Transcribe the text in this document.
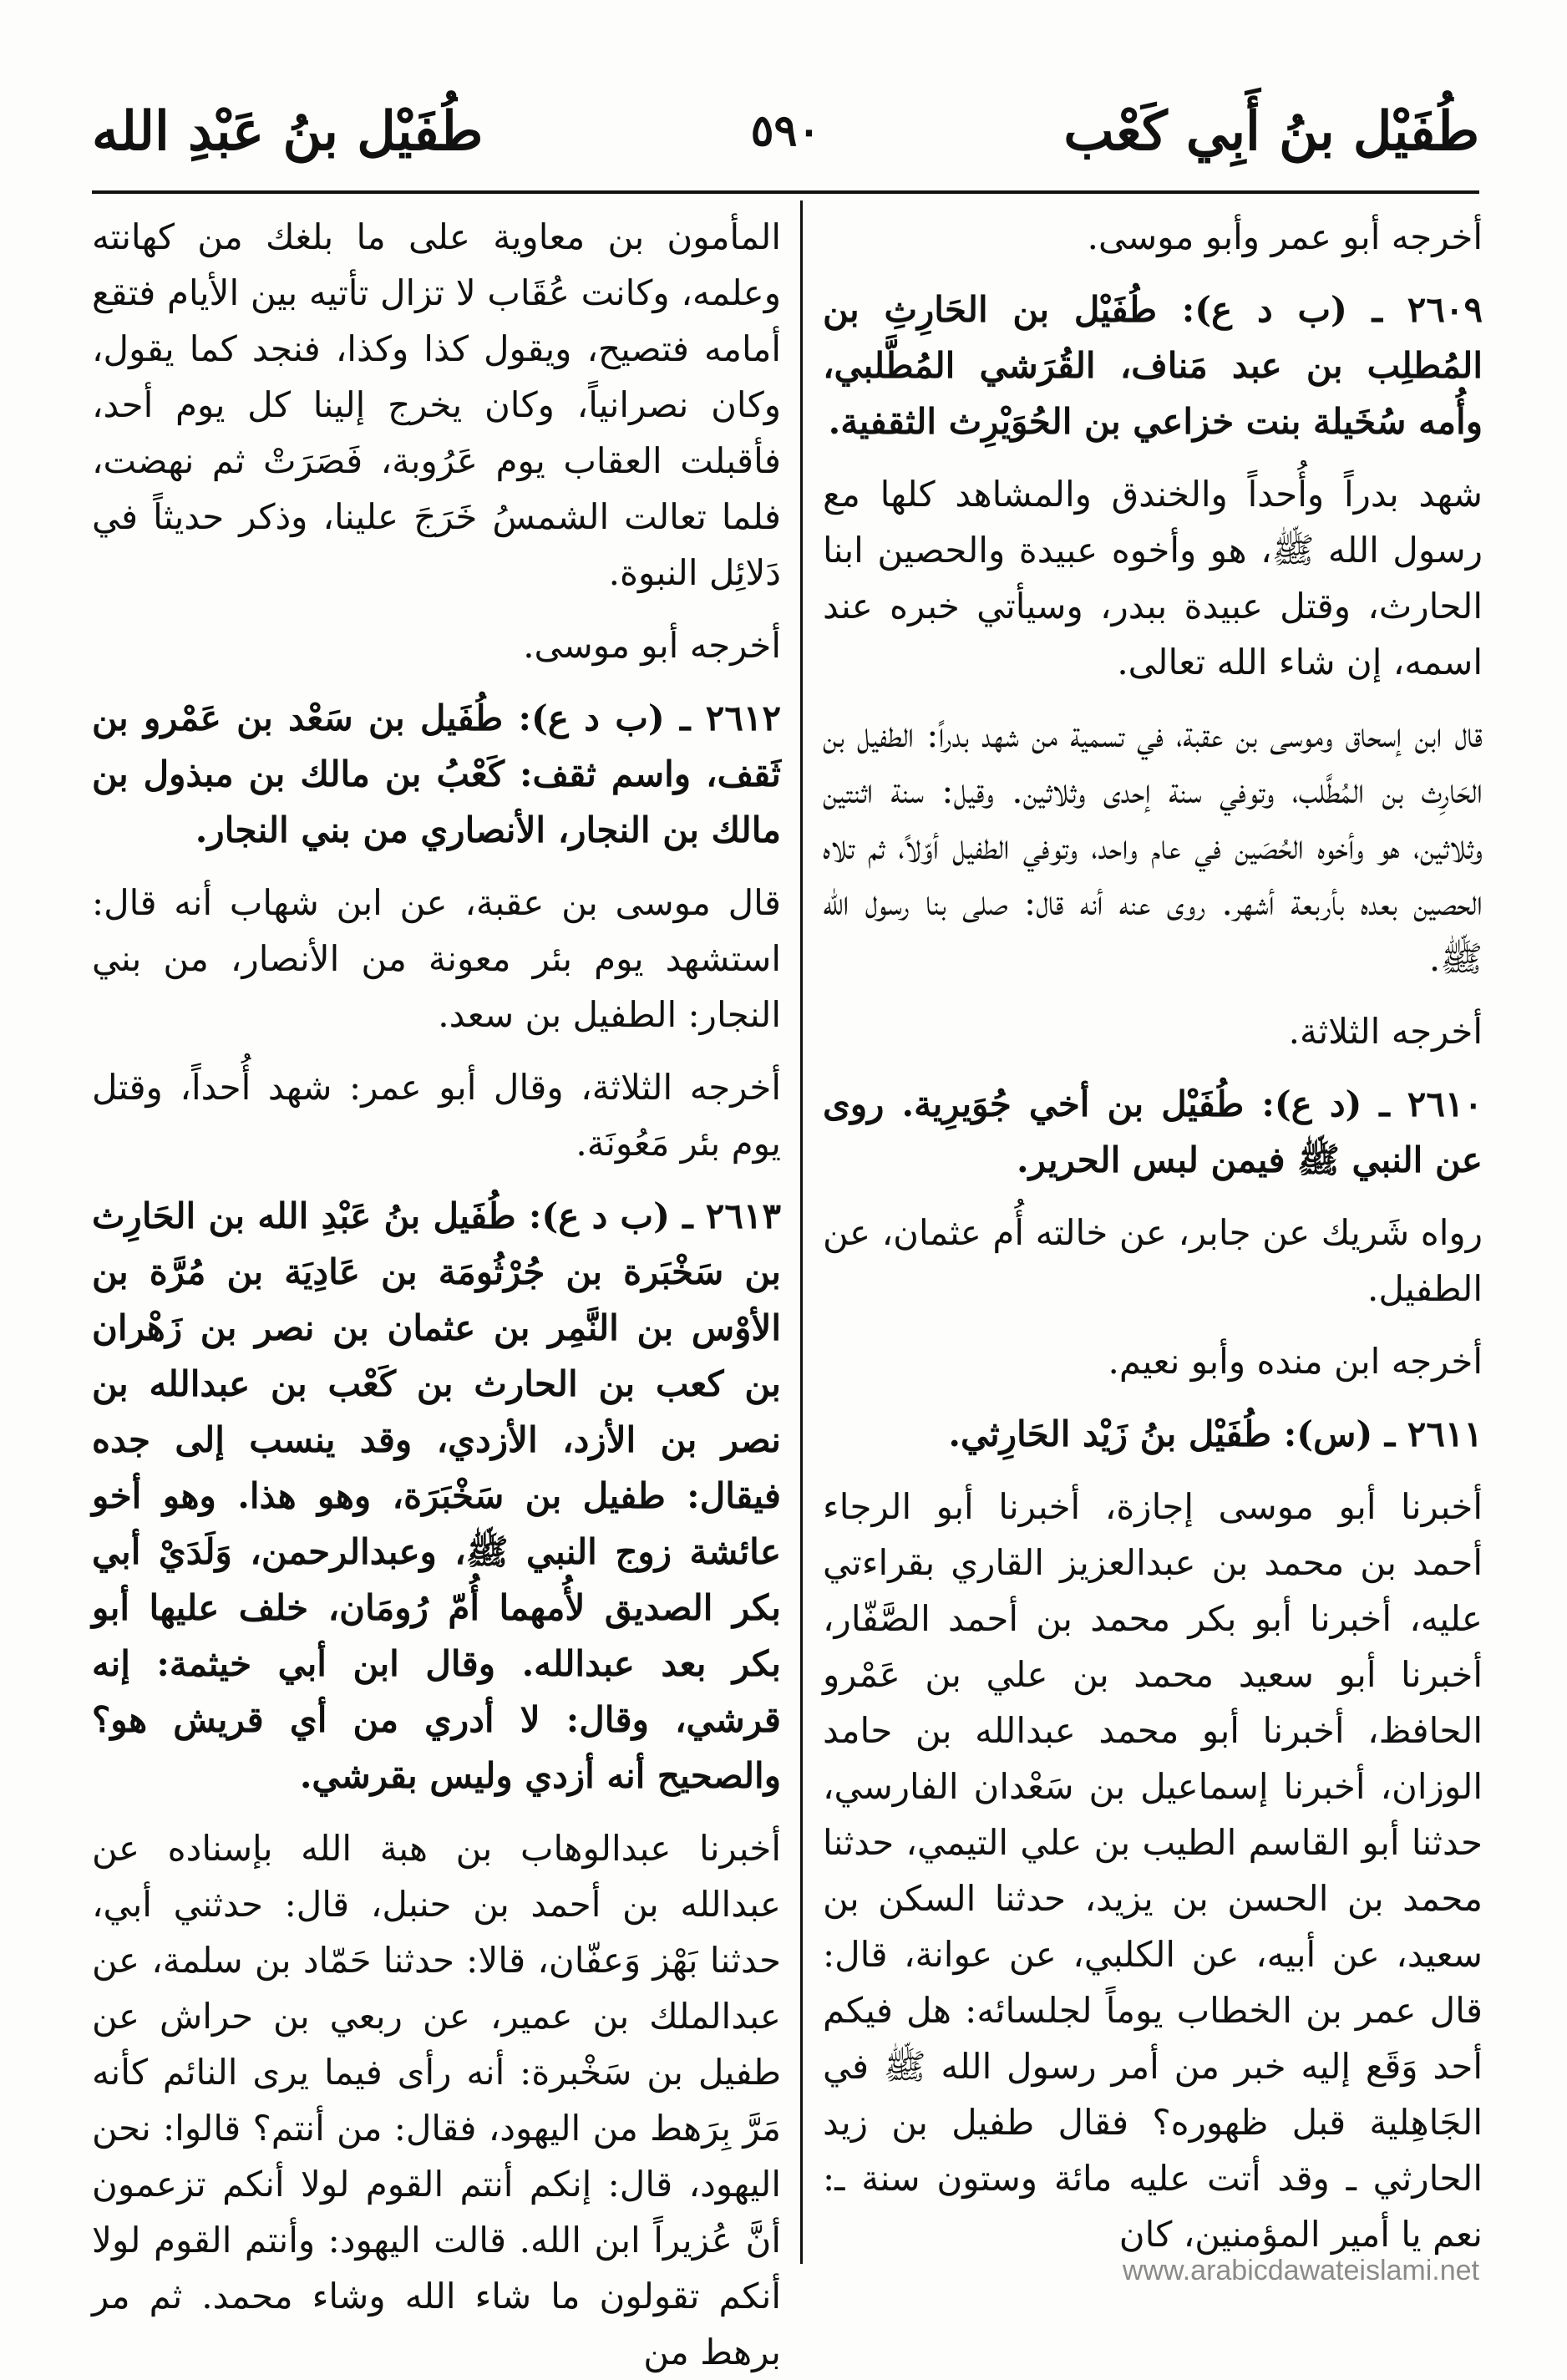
طُفَيْل بنُ أَبِي كَعْب
٥٩٠
طُفَيْل بنُ عَبْدِ الله

أخرجه أبو عمر وأبو موسى.

٢٦٠٩ ـ (ب د ع): طُفَيْل بن الحَارِثِ بن المُطلِب بن عبد مَناف، القُرَشي المُطَّلبي، وأُمه سُخَيلة بنت خزاعي بن الحُوَيْرِث الثقفية.

شهد بدراً وأُحداً والخندق والمشاهد كلها مع رسول الله ﷺ، هو وأخوه عبيدة والحصين ابنا الحارث، وقتل عبيدة ببدر، وسيأتي خبره عند اسمه، إن شاء الله تعالى.

قال ابن إسحاق وموسى بن عقبة، في تسمية من شهد بدراً: الطفيل بن الحَارِث بن المُطَّلب، وتوفي سنة إحدى وثلاثين. وقيل: سنة اثنتين وثلاثين، هو وأخوه الحُصَين في عام واحد، وتوفي الطفيل أوّلاً، ثم تلاه الحصين بعده بأربعة أشهر. روى عنه أنه قال: صلى بنا رسول الله ﷺ.

أخرجه الثلاثة.

٢٦١٠ ـ (د ع): طُفَيْل بن أخي جُوَيرِية. روى عن النبي ﷺ فيمن لبس الحرير.

رواه شَريك عن جابر، عن خالته أُم عثمان، عن الطفيل.

أخرجه ابن منده وأبو نعيم.

٢٦١١ ـ (س): طُفَيْل بنُ زَيْد الحَارِثي.

أخبرنا أبو موسى إجازة، أخبرنا أبو الرجاء أحمد بن محمد بن عبدالعزيز القاري بقراءتي عليه، أخبرنا أبو بكر محمد بن أحمد الصَّفّار، أخبرنا أبو سعيد محمد بن علي بن عَمْرو الحافظ، أخبرنا أبو محمد عبدالله بن حامد الوزان، أخبرنا إسماعيل بن سَعْدان الفارسي، حدثنا أبو القاسم الطيب بن علي التيمي، حدثنا محمد بن الحسن بن يزيد، حدثنا السكن بن سعيد، عن أبيه، عن الكلبي، عن عوانة، قال: قال عمر بن الخطاب يوماً لجلسائه: هل فيكم أحد وَقَع إليه خبر من أمر رسول الله ﷺ في الجَاهِلية قبل ظهوره؟ فقال طفيل بن زيد الحارثي ـ وقد أتت عليه مائة وستون سنة ـ: نعم يا أمير المؤمنين، كان

المأمون بن معاوية على ما بلغك من كهانته وعلمه، وكانت عُقَاب لا تزال تأتيه بين الأيام فتقع أمامه فتصيح، ويقول كذا وكذا، فنجد كما يقول، وكان نصرانياً، وكان يخرج إلينا كل يوم أحد، فأقبلت العقاب يوم عَرُوبة، فَصَرَتْ ثم نهضت، فلما تعالت الشمسُ خَرَجَ علينا، وذكر حديثاً في دَلائِل النبوة.

أخرجه أبو موسى.

٢٦١٢ ـ (ب د ع): طُفَيل بن سَعْد بن عَمْرو بن ثَقف، واسم ثقف: كَعْبُ بن مالك بن مبذول بن مالك بن النجار، الأنصاري من بني النجار.

قال موسى بن عقبة، عن ابن شهاب أنه قال: استشهد يوم بئر معونة من الأنصار، من بني النجار: الطفيل بن سعد.

أخرجه الثلاثة، وقال أبو عمر: شهد أُحداً، وقتل يوم بئر مَعُونَة.

٢٦١٣ ـ (ب د ع): طُفَيل بنُ عَبْدِ الله بن الحَارِث بن سَخْبَرة بن جُرْثُومَة بن عَادِيَة بن مُرَّة بن الأوْس بن النَّمِر بن عثمان بن نصر بن زَهْران بن كعب بن الحارث بن كَعْب بن عبدالله بن نصر بن الأزد، الأزدي، وقد ينسب إلى جده فيقال: طفيل بن سَخْبَرَة، وهو هذا. وهو أخو عائشة زوج النبي ﷺ، وعبدالرحمن، وَلَدَيْ أبي بكر الصديق لأُمهما أُمّ رُومَان، خلف عليها أبو بكر بعد عبدالله. وقال ابن أبي خيثمة: إنه قرشي، وقال: لا أدري من أي قريش هو؟ والصحيح أنه أزدي وليس بقرشي.

أخبرنا عبدالوهاب بن هبة الله بإسناده عن عبدالله بن أحمد بن حنبل، قال: حدثني أبي، حدثنا بَهْز وَعفّان، قالا: حدثنا حَمّاد بن سلمة، عن عبدالملك بن عمير، عن ربعي بن حراش عن طفيل بن سَخْبرة: أنه رأى فيما يرى النائم كأنه مَرَّ بِرَهط من اليهود، فقال: من أنتم؟ قالوا: نحن اليهود، قال: إنكم أنتم القوم لولا أنكم تزعمون أنَّ عُزيراً ابن الله. قالت اليهود: وأنتم القوم لولا أنكم تقولون ما شاء الله وشاء محمد. ثم مر برهط من

www.arabicdawateislami.net
